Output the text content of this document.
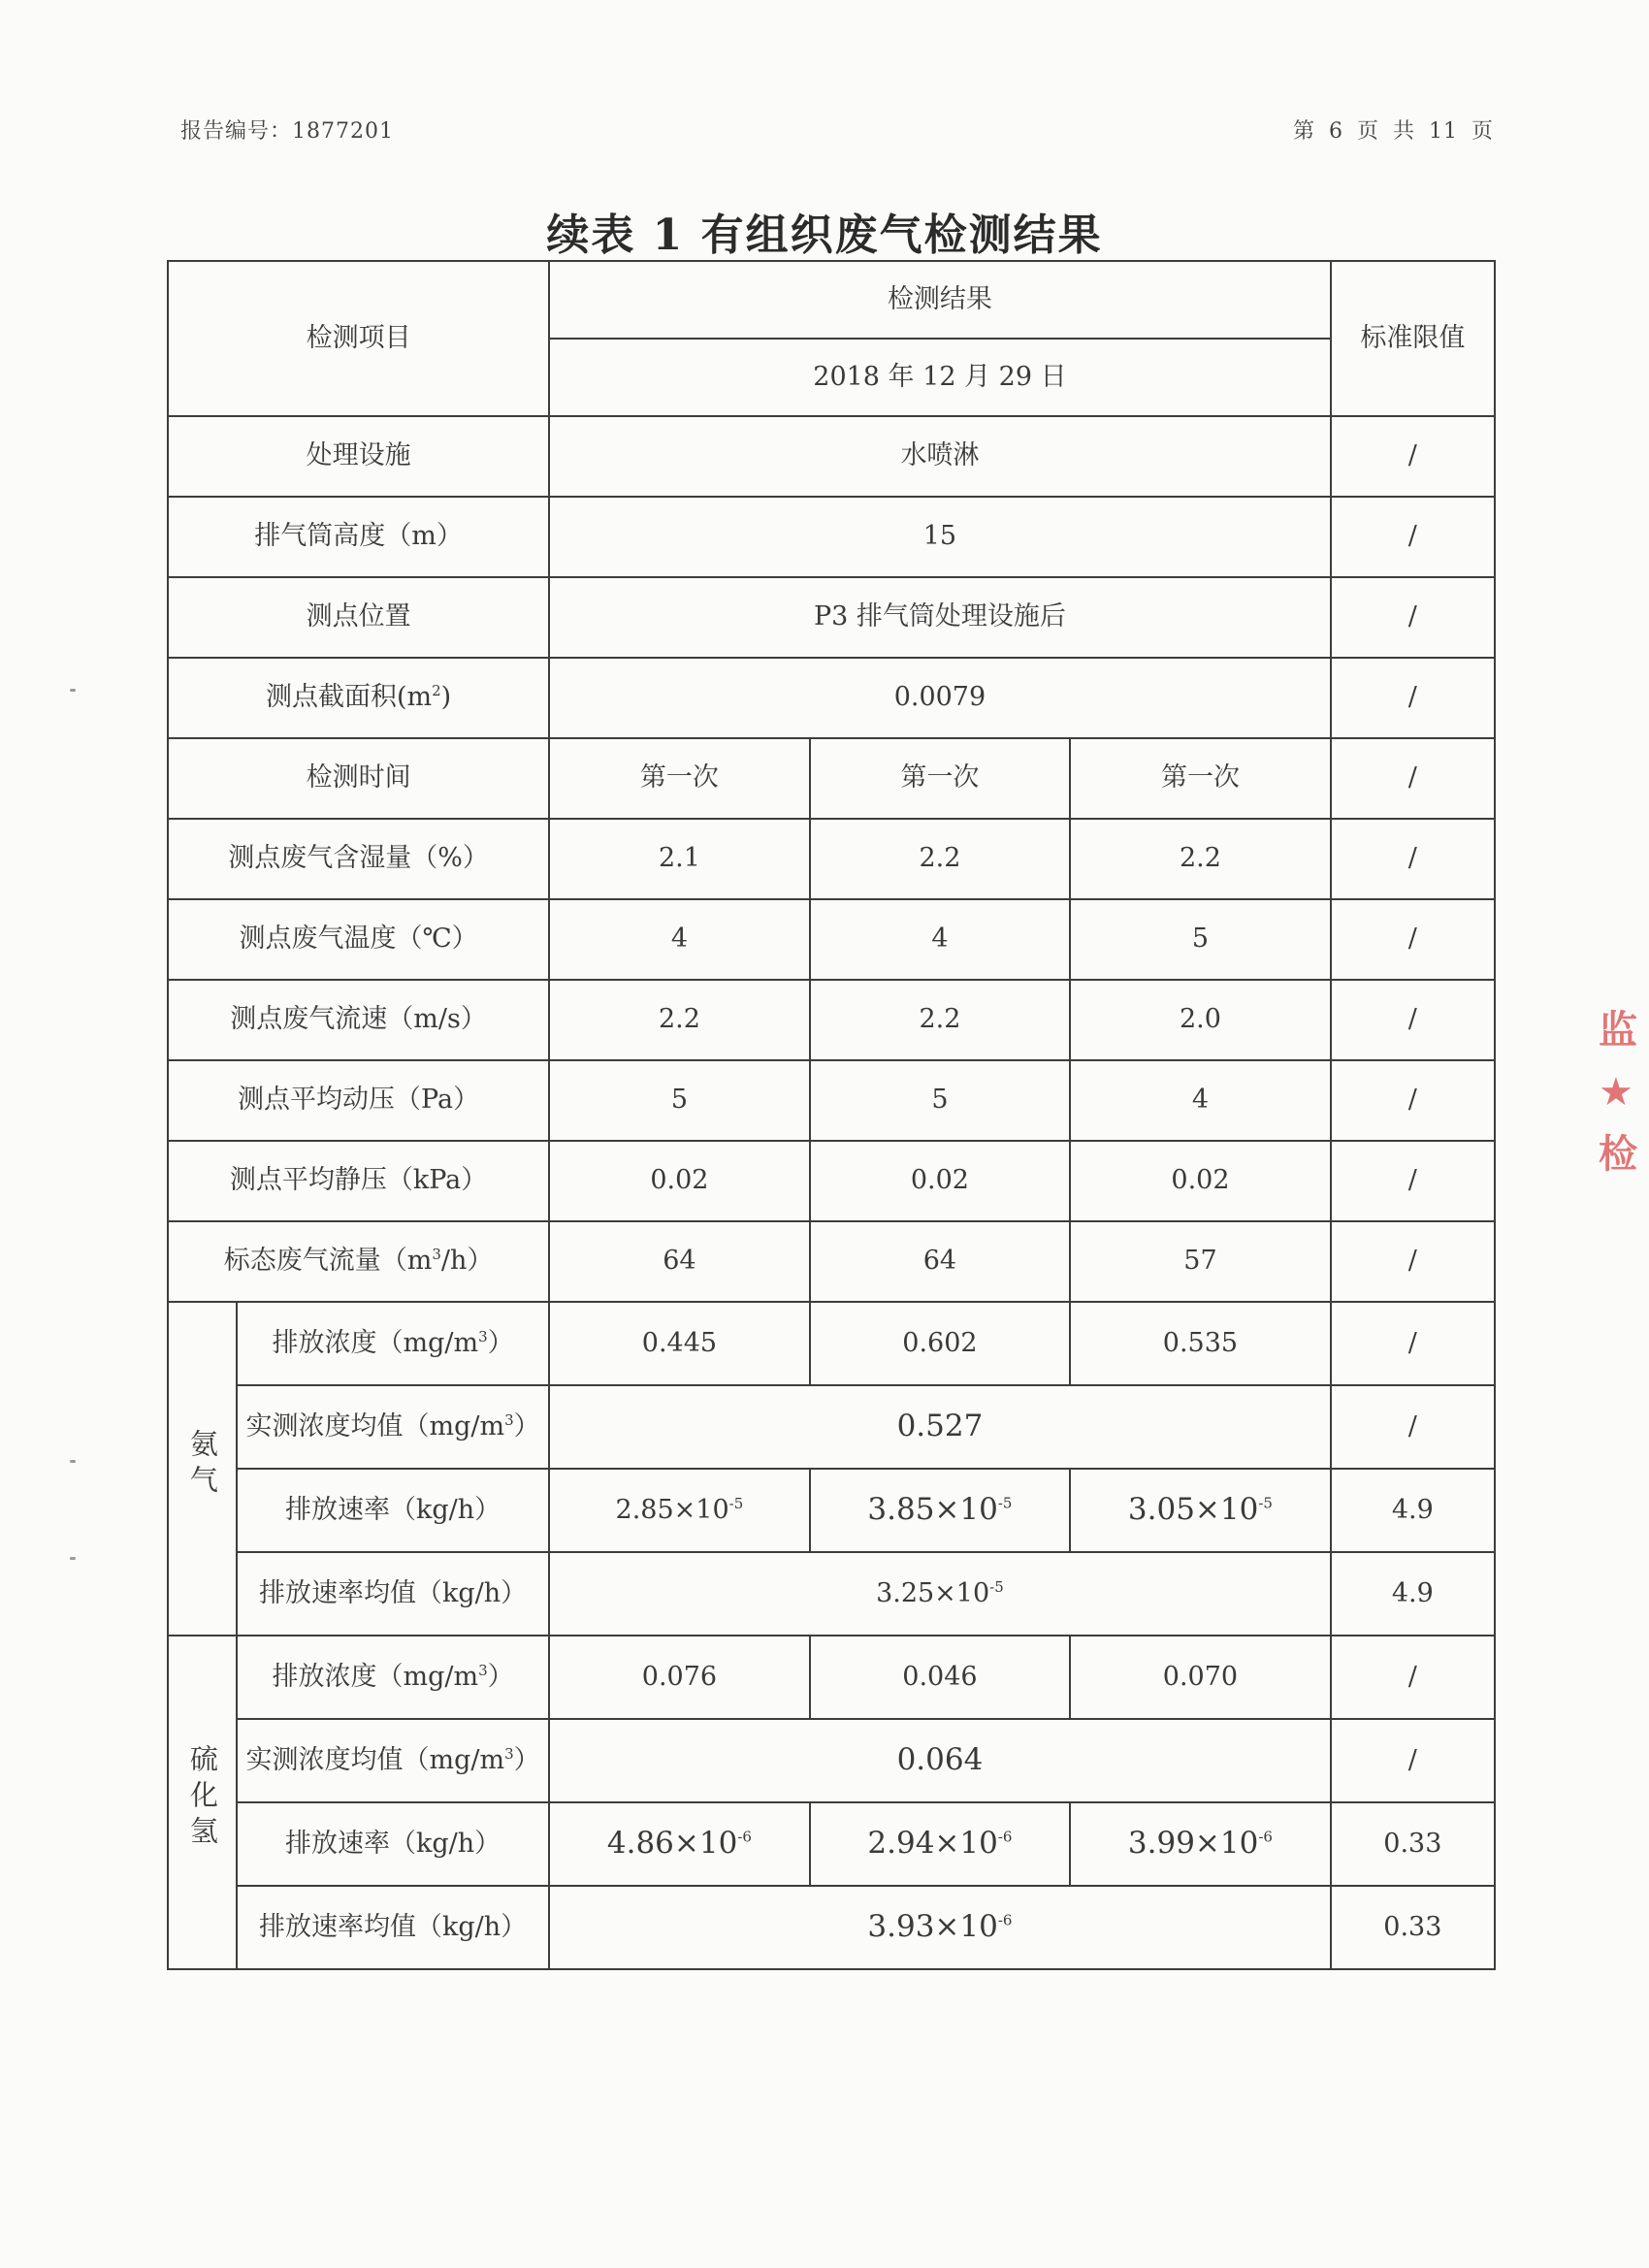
报告编号：1877201	第 6 页 共 11 页
续表 1 有组织废气检测结果
检测项目		检测结果			标准限值
		2018 年 12 月 29 日			
处理设施		水喷淋			/
排气筒高度（m）		15			/
测点位置		P3 排气筒处理设施后			/
测点截面积$(m^2)$		0.0079			/
检测时间		第一次	第一次	第一次	/
测点废气含湿量（%）		2.1	2.2	2.2	/
测点废气温度（℃）		4	4	5	/
测点废气流速（m/s）		2.2	2.2	2.0	/
测点平均动压（Pa）		5	5	4	/
测点平均静压（kPa）		0.02	0.02	0.02	/
标态废气流量$(m^3/h)$		64	64	57	/
氨气	排放浓度$(mg/m^3)$	0.445	0.602	0.535	/
	实测浓度均值$(mg/m^3)$	0.527			/
	排放速率（kg/h）	$2.85\times 10^{-5}$	$3.85\times 10^{-5}$	$3.05\times 10^{-5}$	4.9
	排放速率均值（kg/h）	$3.25\times 10^{-5}$			4.9
硫化氢	排放浓度$(mg/m^3)$	0.076	0.046	0.070	/
	实测浓度均值$(mg/m^3)$	0.064			/
	排放速率（kg/h）	$4.86\times 10^{-6}$	$2.94\times 10^{-6}$	$3.99\times 10^{-6}$	0.33
	排放速率均值（kg/h）	$3.93\times 10^{-6}$			0.33
监 ★ 检
